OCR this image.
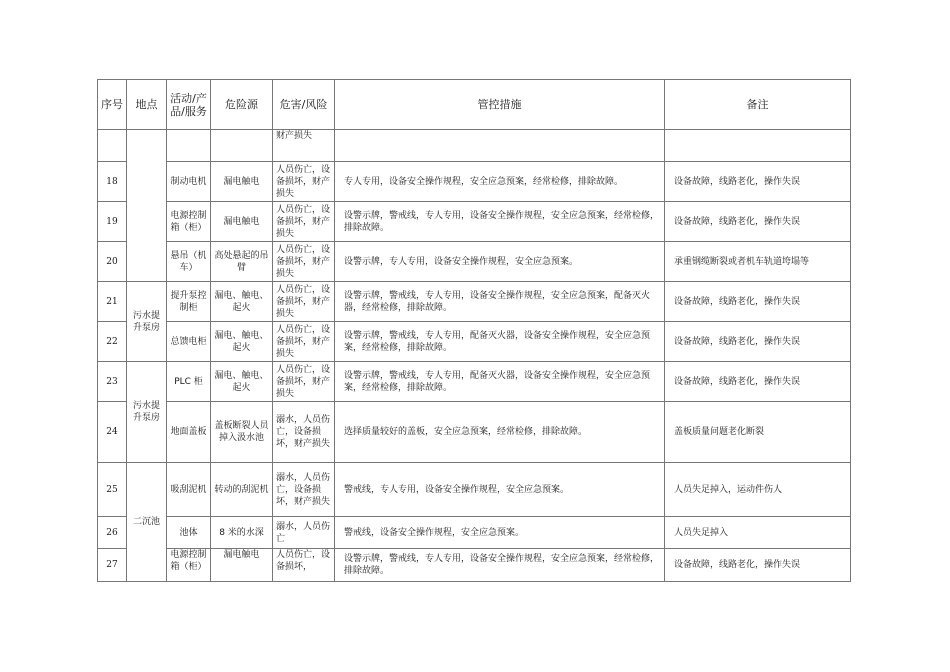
序号	地点	活动/产品/服务	危险源	危害/风险	管控措施	备注
				财产损失		
18		制动电机	漏电触电	人员伤亡，设备损坏，财产损失	专人专用，设备安全操作规程，安全应急预案，经常检修，排除故障。	设备故障，线路老化，操作失误
19		电源控制箱（柜）	漏电触电	人员伤亡，设备损坏，财产损失	设警示牌，警戒线，专人专用，设备安全操作规程，安全应急预案，经常检修，排除故障。	设备故障，线路老化，操作失误
20		悬吊（机车）	高处悬起的吊臂	人员伤亡，设备损坏，财产损失	设警示牌，专人专用，设备安全操作规程，安全应急预案。	承重钢缆断裂或者机车轨道垮塌等
21	污水提升泵房	提升泵控制柜	漏电、触电、起火	人员伤亡，设备损坏，财产损失	设警示牌，警戒线，专人专用，设备安全操作规程，安全应急预案，配备灭火器，经常检修，排除故障。	设备故障，线路老化，操作失误
22		总馈电柜	漏电、触电、起火	人员伤亡，设备损坏，财产损失	设警示牌，警戒线，专人专用，配备灭火器，设备安全操作规程，安全应急预案，经常检修，排除故障。	设备故障，线路老化，操作失误
23	污水提升泵房	PLC 柜	漏电、触电、起火	人员伤亡，设备损坏，财产损失	设警示牌，警戒线，专人专用，配备灭火器，设备安全操作规程，安全应急预案，经常检修，排除故障。	设备故障，线路老化，操作失误
24		地面盖板	盖板断裂人员掉入汲水池	溺水，人员伤亡，设备损坏，财产损失	选择质量较好的盖板，安全应急预案，经常检修，排除故障。	盖板质量问题老化断裂
25	二沉池	吸刮泥机	转动的刮泥机	溺水，人员伤亡，设备损坏，财产损失	警戒线，专人专用，设备安全操作规程，安全应急预案。	人员失足掉入，运动件伤人
26		池体	8 米的水深	溺水，人员伤亡	警戒线，设备安全操作规程，安全应急预案。	人员失足掉入
27		电源控制箱（柜）	漏电触电	人员伤亡，设备损坏，	设警示牌，警戒线，专人专用，设备安全操作规程，安全应急预案，经常检修，排除故障。	设备故障，线路老化，操作失误
